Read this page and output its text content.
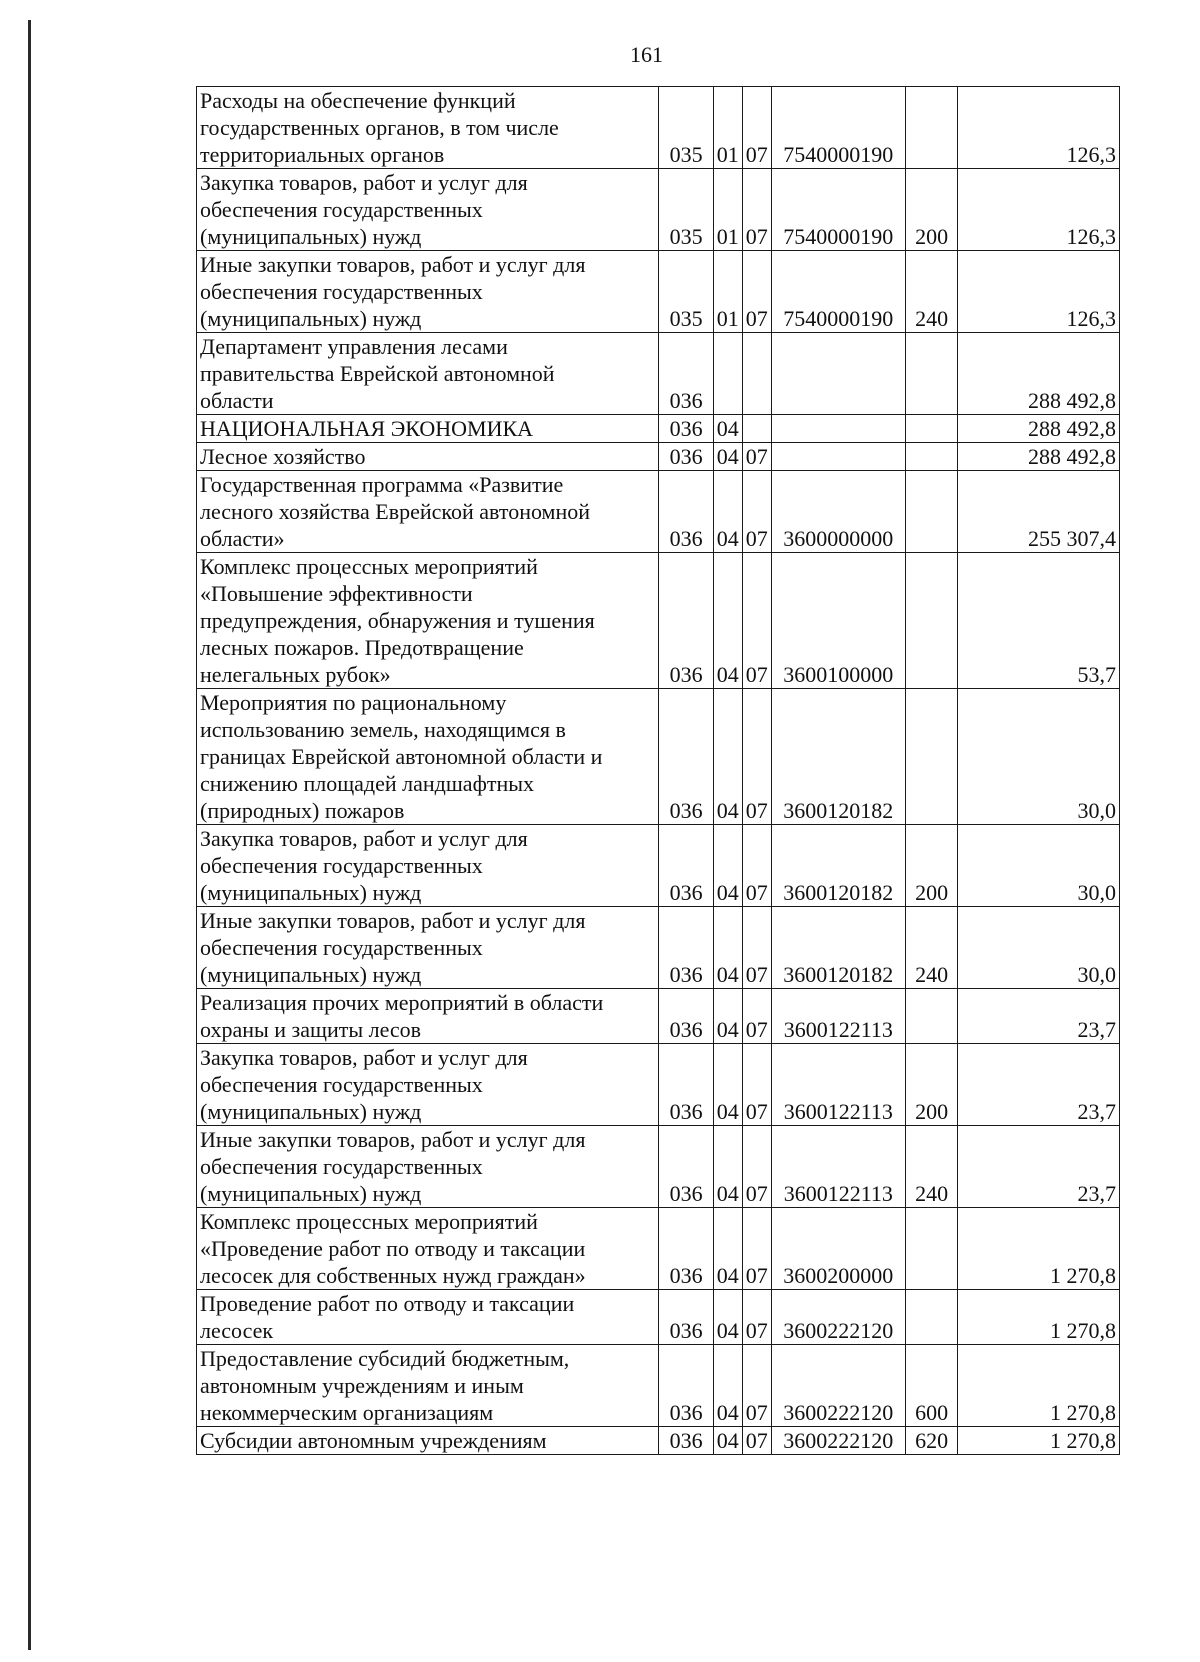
161
Расходы на обеспечение функций
государственных органов, в том числе
территориальных органов	035	01	07	7540000190		126,3
Закупка товаров, работ и услуг для
обеспечения государственных
(муниципальных) нужд	035	01	07	7540000190	200	126,3
Иные закупки товаров, работ и услуг для
обеспечения государственных
(муниципальных) нужд	035	01	07	7540000190	240	126,3
Департамент управления лесами
правительства Еврейской автономной
области	036					288 492,8
НАЦИОНАЛЬНАЯ ЭКОНОМИКА	036	04				288 492,8
Лесное хозяйство	036	04	07			288 492,8
Государственная программа «Развитие
лесного хозяйства Еврейской автономной
области»	036	04	07	3600000000		255 307,4
Комплекс процессных мероприятий
«Повышение эффективности
предупреждения, обнаружения и тушения
лесных пожаров. Предотвращение
нелегальных рубок»	036	04	07	3600100000		53,7
Мероприятия по рациональному
использованию земель, находящимся в
границах Еврейской автономной области и
снижению площадей ландшафтных
(природных) пожаров	036	04	07	3600120182		30,0
Закупка товаров, работ и услуг для
обеспечения государственных
(муниципальных) нужд	036	04	07	3600120182	200	30,0
Иные закупки товаров, работ и услуг для
обеспечения государственных
(муниципальных) нужд	036	04	07	3600120182	240	30,0
Реализация прочих мероприятий в области
охраны и защиты лесов	036	04	07	3600122113		23,7
Закупка товаров, работ и услуг для
обеспечения государственных
(муниципальных) нужд	036	04	07	3600122113	200	23,7
Иные закупки товаров, работ и услуг для
обеспечения государственных
(муниципальных) нужд	036	04	07	3600122113	240	23,7
Комплекс процессных мероприятий
«Проведение работ по отводу и таксации
лесосек для собственных нужд граждан»	036	04	07	3600200000		1 270,8
Проведение работ по отводу и таксации
лесосек	036	04	07	3600222120		1 270,8
Предоставление субсидий бюджетным,
автономным учреждениям и иным
некоммерческим организациям	036	04	07	3600222120	600	1 270,8
Субсидии автономным учреждениям	036	04	07	3600222120	620	1 270,8
